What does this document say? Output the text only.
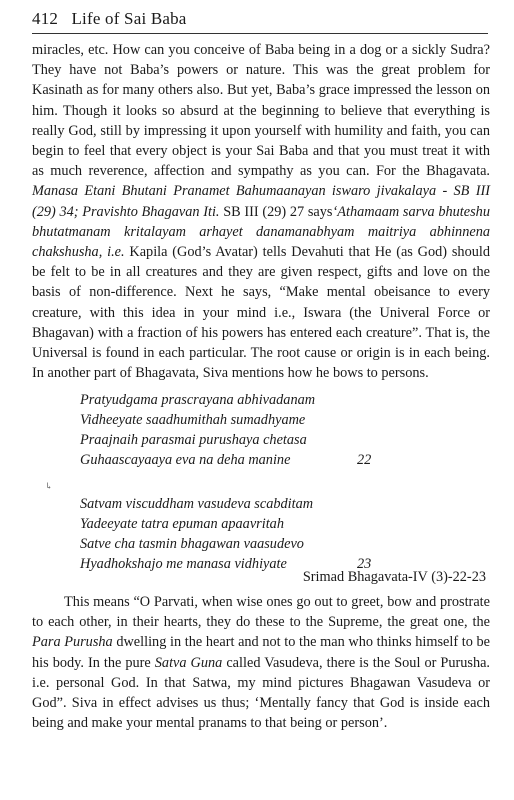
412 Life of Sai Baba
miracles, etc. How can you conceive of Baba being in a dog or a sickly Sudra? They have not Baba’s powers or nature. This was the great problem for Kasinath as for many others also. But yet, Baba’s grace impressed the lesson on him. Though it looks so absurd at the beginning to believe that everything is really God, still by impressing it upon yourself with humility and faith, you can begin to feel that every object is your Sai Baba and that you must treat it with as much reverence, affection and sympathy as you can. For the Bhagavata. Manasa Etani Bhutani Pranamet Bahumaanayan iswaro jivakalaya - SB III (29) 34; Pravishto Bhagavan Iti. SB III (29) 27 says‘Athamaam sarva bhuteshu bhutatmanam kritalayam arhayet danamanabhyam maitriya abhinnena chakshusha, i.e. Kapila (God’s Avatar) tells Devahuti that He (as God) should be felt to be in all creatures and they are given respect, gifts and love on the basis of non-difference. Next he says, “Make mental obeisance to every creature, with this idea in your mind i.e., Iswara (the Univeral Force or Bhagavan) with a fraction of his powers has entered each creature”. That is, the Universal is found in each particular. The root cause or origin is in each being. In another part of Bhagavata, Siva mentions how he bows to persons.
Pratyudgama prascrayana abhivadanam
Vidheeyate saadhumithah sumadhyame
Praajnaih parasmai purushaya chetasa
Guhaascayaaya eva na deha manine	22
↳
Satvam viscuddham vasudeva scabditam
Yadeeyate tatra epuman apaavritah
Satve cha tasmin bhagawan vaasudevo
Hyadhokshajo me manasa vidhiyate	23
Srimad Bhagavata-IV (3)-22-23
This means “O Parvati, when wise ones go out to greet, bow and prostrate to each other, in their hearts, they do these to the Supreme, the great one, the Para Purusha dwelling in the heart and not to the man who thinks himself to be his body. In the pure Satva Guna called Vasudeva, there is the Soul or Purusha. i.e. personal God. In that Satwa, my mind pictures Bhagawan Vasudeva or God”. Siva in effect advises us thus; ‘Mentally fancy that God is inside each being and make your mental pranams to that being or person’.
